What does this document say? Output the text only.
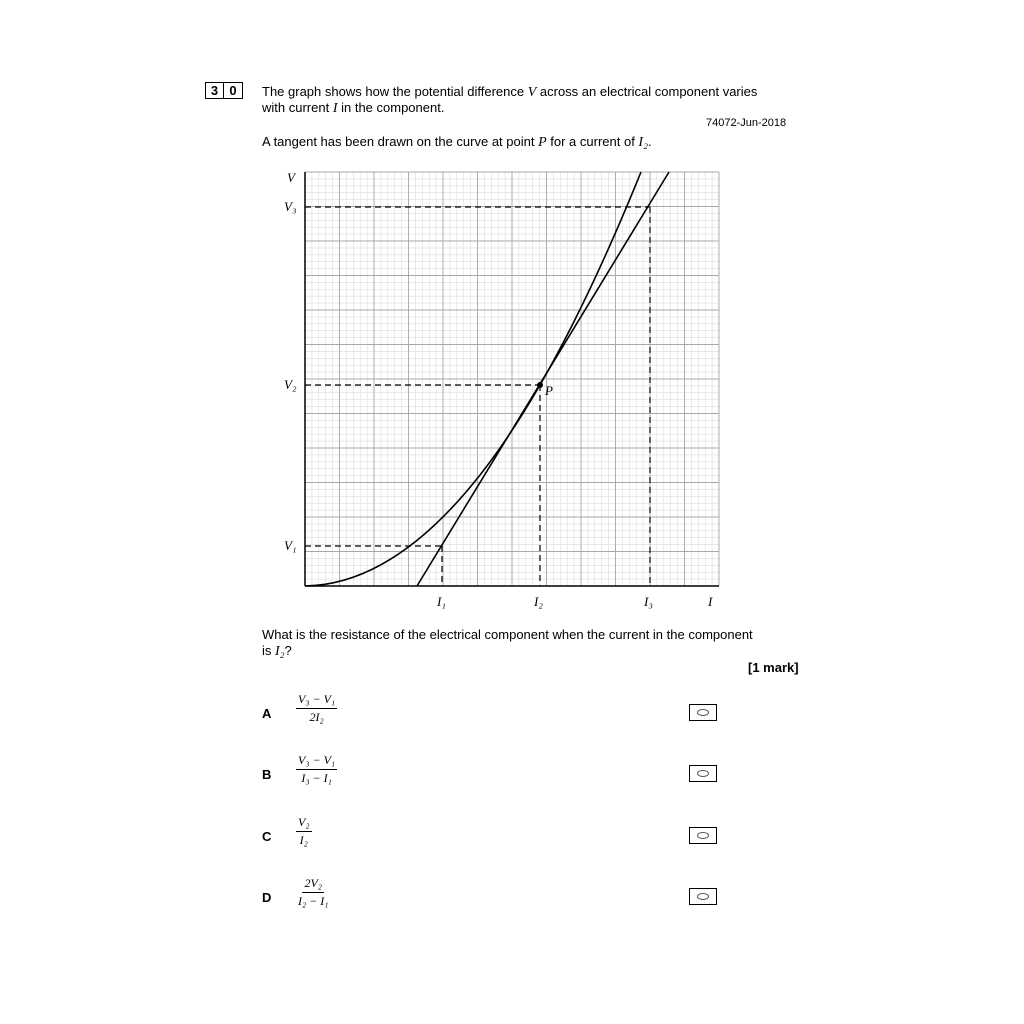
3 0	The graph shows how the potential difference V across an electrical component varies
with current I in the component.
74072-Jun-2018
A tangent has been drawn on the curve at point P for a current of I₂.
V
V₃
V₂
V₁
I₁	I₂	I₃	I
P
What is the resistance of the electrical component when the current in the component
is I₂?
[1 mark]
A $\frac{\text{V₃ − V₁}}{\text{2I₂}}$
B $\frac{\text{V₃ − V₁}}{\text{I₃ − I₁}}$
C $\frac{\text{V₂}}{\text{I₂}}$
D $\frac{\text{2V₂}}{\text{I₂ − I₁}}$
